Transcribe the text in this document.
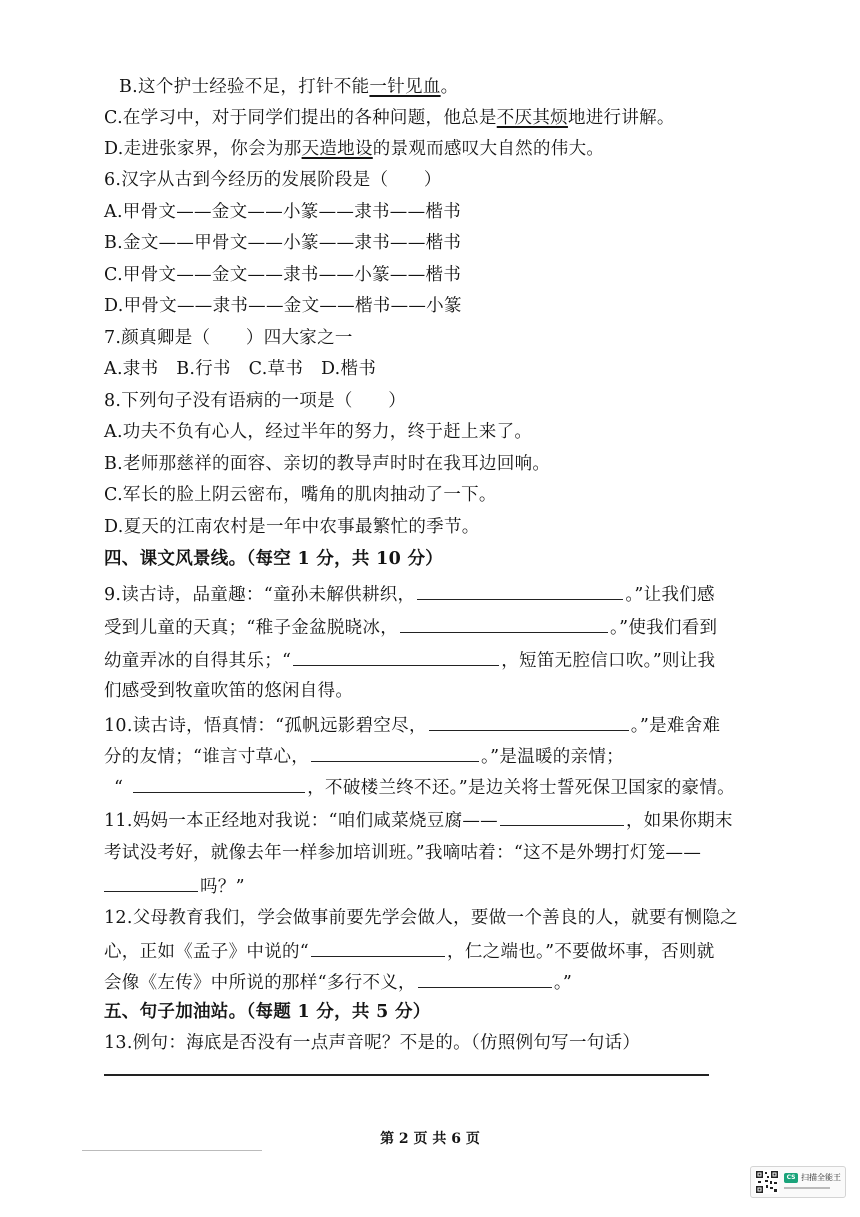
B.这个护士经验不足，打针不能一针见血。
C.在学习中，对于同学们提出的各种问题，他总是不厌其烦地进行讲解。
D.走进张家界，你会为那天造地设的景观而感叹大自然的伟大。
6.汉字从古到今经历的发展阶段是（　　）
A.甲骨文——金文——小篆——隶书——楷书
B.金文——甲骨文——小篆——隶书——楷书
C.甲骨文——金文——隶书——小篆——楷书
D.甲骨文——隶书——金文——楷书——小篆
7.颜真卿是（　　）四大家之一
A.隶书　B.行书　C.草书　D.楷书
8.下列句子没有语病的一项是（　　）
A.功夫不负有心人，经过半年的努力，终于赶上来了。
B.老师那慈祥的面容、亲切的教导声时时在我耳边回响。
C.军长的脸上阴云密布，嘴角的肌肉抽动了一下。
D.夏天的江南农村是一年中农事最繁忙的季节。
四、课文风景线。（每空 1 分，共 10 分）
9.读古诗，品童趣：“童孙未解供耕织，	。”让我们感
受到儿童的天真；“稚子金盆脱晓冰，	。”使我们看到
幼童弄冰的自得其乐；“	，短笛无腔信口吹。”则让我
们感受到牧童吹笛的悠闲自得。
10.读古诗，悟真情：“孤帆远影碧空尽，	。”是难舍难
分的友情；“谁言寸草心，	。”是温暖的亲情；
“	，不破楼兰终不还。”是边关将士誓死保卫国家的豪情。
11.妈妈一本正经地对我说：“咱们咸菜烧豆腐——	，如果你期末
考试没考好，就像去年一样参加培训班。”我嘀咕着：“这不是外甥打灯笼——
吗？”
12.父母教育我们，学会做事前要先学会做人，要做一个善良的人，就要有恻隐之
心，正如《孟子》中说的“	，仁之端也。”不要做坏事，否则就
会像《左传》中所说的那样“多行不义，	。”
五、句子加油站。（每题 1 分，共 5 分）
13.例句：海底是否没有一点声音呢？不是的。（仿照例句写一句话）
第 2 页 共 6 页
CS 扫描全能王
